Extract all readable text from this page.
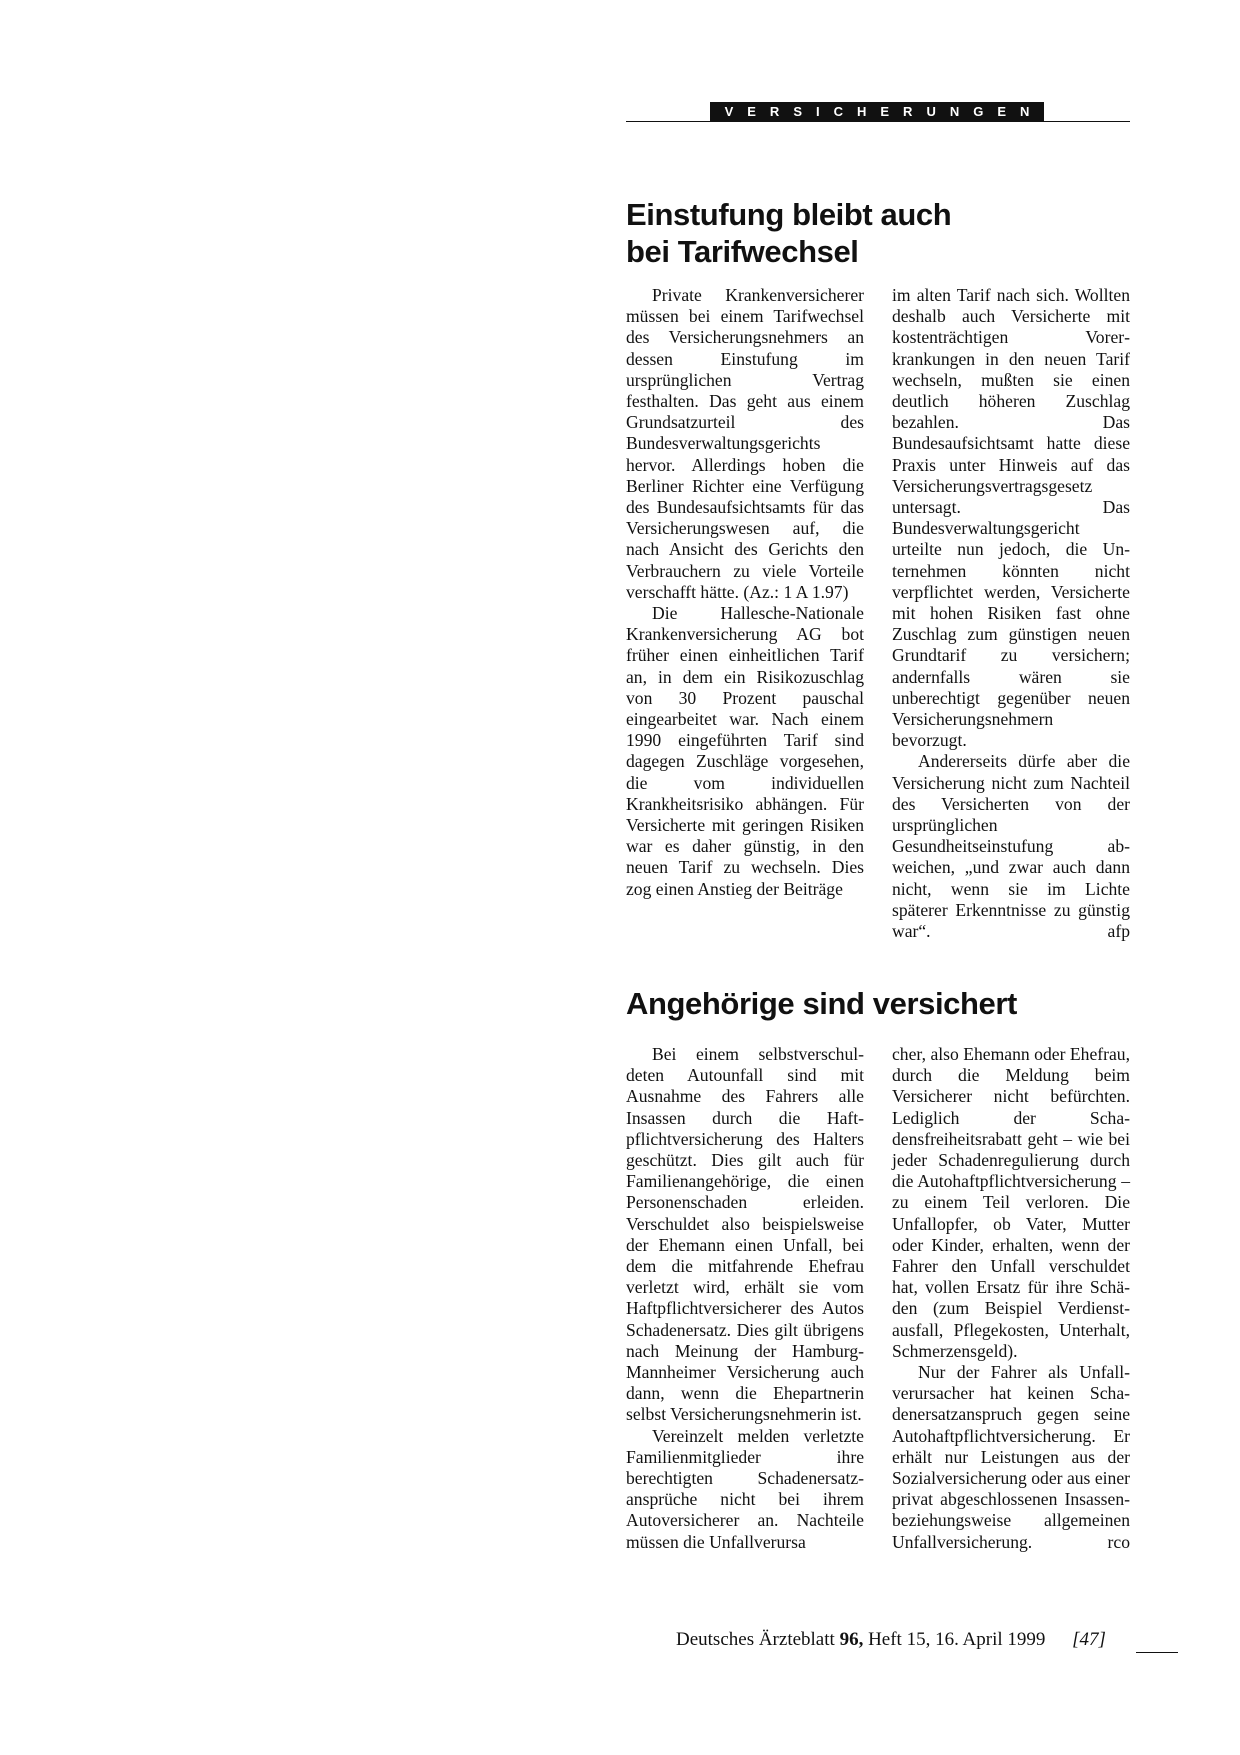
VERSICHERUNGEN
Einstufung bleibt auch
bei Tarifwechsel

Private Krankenversicherer müssen bei einem Tarifwechsel des Versicherungsnehmers an dessen Einstufung im ursprünglichen Vertrag festhalten. Das geht aus einem Grundsatzurteil des Bundesverwaltungsgerichts hervor. Allerdings hoben die Berliner Richter eine Verfügung des Bundesaufsichtsamts für das Versicherungswesen auf, die nach Ansicht des Gerichts den Verbrauchern zu viele Vorteile verschafft hätte. (Az.: 1 A 1.97)

Die Hallesche-Nationale Krankenversicherung AG bot früher einen einheitlichen Tarif an, in dem ein Risikozuschlag von 30 Prozent pauschal eingearbeitet war. Nach einem 1990 eingeführten Tarif sind dagegen Zuschläge vorgesehen, die vom individuellen Krankheitsrisiko abhängen. Für Versicherte mit geringen Risiken war es daher günstig, in den neuen Tarif zu wechseln. Dies zog einen Anstieg der Beiträge

im alten Tarif nach sich. Wollten deshalb auch Versicherte mit kostenträchtigen Vorerkrankungen in den neuen Tarif wechseln, mußten sie einen deutlich höheren Zuschlag bezahlen. Das Bundesaufsichtsamt hatte diese Praxis unter Hinweis auf das Versicherungsvertragsgesetz untersagt. Das Bundesverwaltungsgericht urteilte nun jedoch, die Unternehmen könnten nicht verpflichtet werden, Versicherte mit hohen Risiken fast ohne Zuschlag zum günstigen neuen Grundtarif zu versichern; andernfalls wären sie unberechtigt gegenüber neuen Versicherungsnehmern bevorzugt.

Andererseits dürfe aber die Versicherung nicht zum Nachteil des Versicherten von der ursprünglichen Gesundheitseinstufung abweichen, „und zwar auch dann nicht, wenn sie im Lichte späterer Erkenntnisse zu günstig war“.	afp

Angehörige sind versichert

Bei einem selbstverschuldeten Autounfall sind mit Ausnahme des Fahrers alle Insassen durch die Haftpflichtversicherung des Halters geschützt. Dies gilt auch für Familienangehörige, die einen Personenschaden erleiden. Verschuldet also beispielsweise der Ehemann einen Unfall, bei dem die mitfahrende Ehefrau verletzt wird, erhält sie vom Haftpflichtversicherer des Autos Schadenersatz. Dies gilt übrigens nach Meinung der Hamburg-Mannheimer Versicherung auch dann, wenn die Ehepartnerin selbst Versicherungsnehmerin ist.

Vereinzelt melden verletzte Familienmitglieder ihre berechtigten Schadenersatzansprüche nicht bei ihrem Autoversicherer an. Nachteile müssen die Unfallverursa

cher, also Ehemann oder Ehefrau, durch die Meldung beim Versicherer nicht befürchten. Lediglich der Schadensfreiheitsrabatt geht – wie bei jeder Schadenregulierung durch die Autohaftpflichtversicherung – zu einem Teil verloren. Die Unfallopfer, ob Vater, Mutter oder Kinder, erhalten, wenn der Fahrer den Unfall verschuldet hat, vollen Ersatz für ihre Schäden (zum Beispiel Verdienstausfall, Pflegekosten, Unterhalt, Schmerzensgeld).

Nur der Fahrer als Unfallverursacher hat keinen Schadenersatzanspruch gegen seine Autohaftpflichtversicherung. Er erhält nur Leistungen aus der Sozialversicherung oder aus einer privat abgeschlossenen Insassen- beziehungsweise allgemeinen Unfallversicherung.	rco

Deutsches Ärzteblatt 96, Heft 15, 16. April 1999 [47]
